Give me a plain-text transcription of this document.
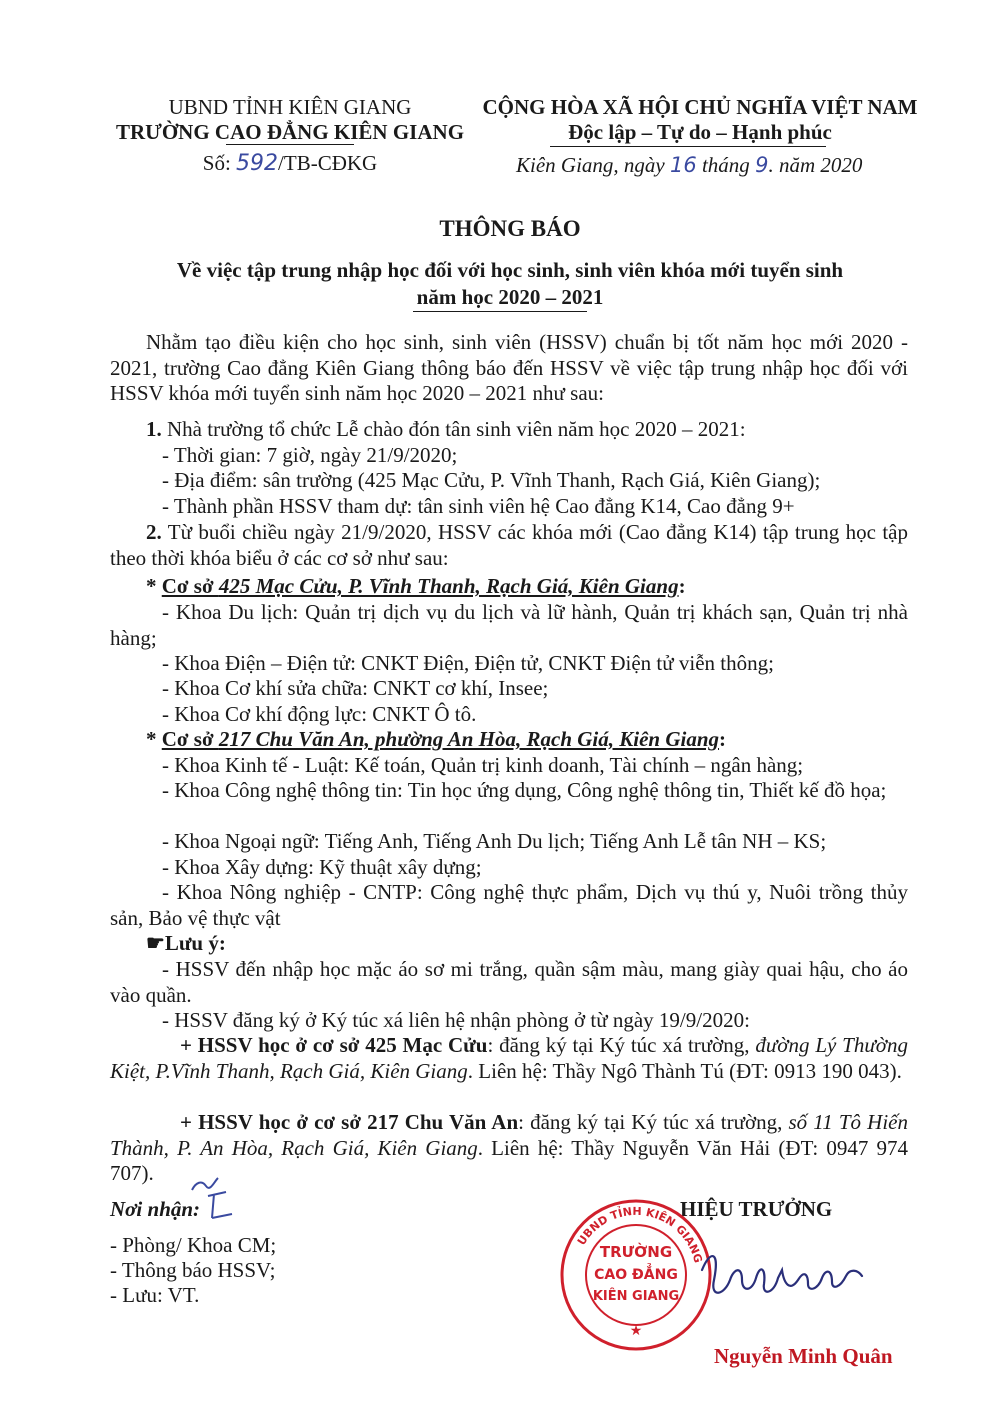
UBND TỈNH KIÊN GIANG
TRƯỜNG CAO ĐẲNG KIÊN GIANG
Số: 592/TB-CĐKG
CỘNG HÒA XÃ HỘI CHỦ NGHĨA VIỆT NAM
Độc lập – Tự do – Hạnh phúc
Kiên Giang, ngày 16 tháng 9. năm 2020
THÔNG BÁO
Về việc tập trung nhập học đối với học sinh, sinh viên khóa mới tuyển sinh
năm học 2020 – 2021
Nhằm tạo điều kiện cho học sinh, sinh viên (HSSV) chuẩn bị tốt năm học mới 2020 - 2021, trường Cao đẳng Kiên Giang thông báo đến HSSV về việc tập trung nhập học đối với HSSV khóa mới tuyển sinh năm học 2020 – 2021 như sau:
1. Nhà trường tổ chức Lễ chào đón tân sinh viên năm học 2020 – 2021:
- Thời gian: 7 giờ, ngày 21/9/2020;
- Địa điểm: sân trường (425 Mạc Cửu, P. Vĩnh Thanh, Rạch Giá, Kiên Giang);
- Thành phần HSSV tham dự: tân sinh viên hệ Cao đẳng K14, Cao đẳng 9+
2. Từ buổi chiều ngày 21/9/2020, HSSV các khóa mới (Cao đẳng K14) tập trung học tập theo thời khóa biểu ở các cơ sở như sau:
* Cơ sở 425 Mạc Cửu, P. Vĩnh Thanh, Rạch Giá, Kiên Giang:
- Khoa Du lịch: Quản trị dịch vụ du lịch và lữ hành, Quản trị khách sạn, Quản trị nhà hàng;
- Khoa Điện – Điện tử: CNKT Điện, Điện tử, CNKT Điện tử viễn thông;
- Khoa Cơ khí sửa chữa: CNKT cơ khí, Insee;
- Khoa Cơ khí động lực: CNKT Ô tô.
* Cơ sở 217 Chu Văn An, phường An Hòa, Rạch Giá, Kiên Giang:
- Khoa Kinh tế - Luật: Kế toán, Quản trị kinh doanh, Tài chính – ngân hàng;
- Khoa Công nghệ thông tin: Tin học ứng dụng, Công nghệ thông tin, Thiết kế đồ họa;
- Khoa Ngoại ngữ: Tiếng Anh, Tiếng Anh Du lịch; Tiếng Anh Lễ tân NH – KS;
- Khoa Xây dựng: Kỹ thuật xây dựng;
- Khoa Nông nghiệp - CNTP: Công nghệ thực phẩm, Dịch vụ thú y, Nuôi trồng thủy sản, Bảo vệ thực vật
☛Lưu ý:
- HSSV đến nhập học mặc áo sơ mi trắng, quần sậm màu, mang giày quai hậu, cho áo vào quần.
- HSSV đăng ký ở Ký túc xá liên hệ nhận phòng ở từ ngày 19/9/2020:
+ HSSV học ở cơ sở 425 Mạc Cửu: đăng ký tại Ký túc xá trường, đường Lý Thường Kiệt, P.Vĩnh Thanh, Rạch Giá, Kiên Giang. Liên hệ: Thầy Ngô Thành Tú (ĐT: 0913 190 043).
+ HSSV học ở cơ sở 217 Chu Văn An: đăng ký tại Ký túc xá trường, số 11 Tô Hiến Thành, P. An Hòa, Rạch Giá, Kiên Giang. Liên hệ: Thầy Nguyễn Văn Hải (ĐT: 0947 974 707).
Nơi nhận:
- Phòng/ Khoa CM;
- Thông báo HSSV;
- Lưu: VT.
HIỆU TRƯỞNG
UBND TỈNH KIÊN GIANG
TRƯỜNG
CAO ĐẲNG
KIÊN GIANG
★
Nguyễn Minh Quân
